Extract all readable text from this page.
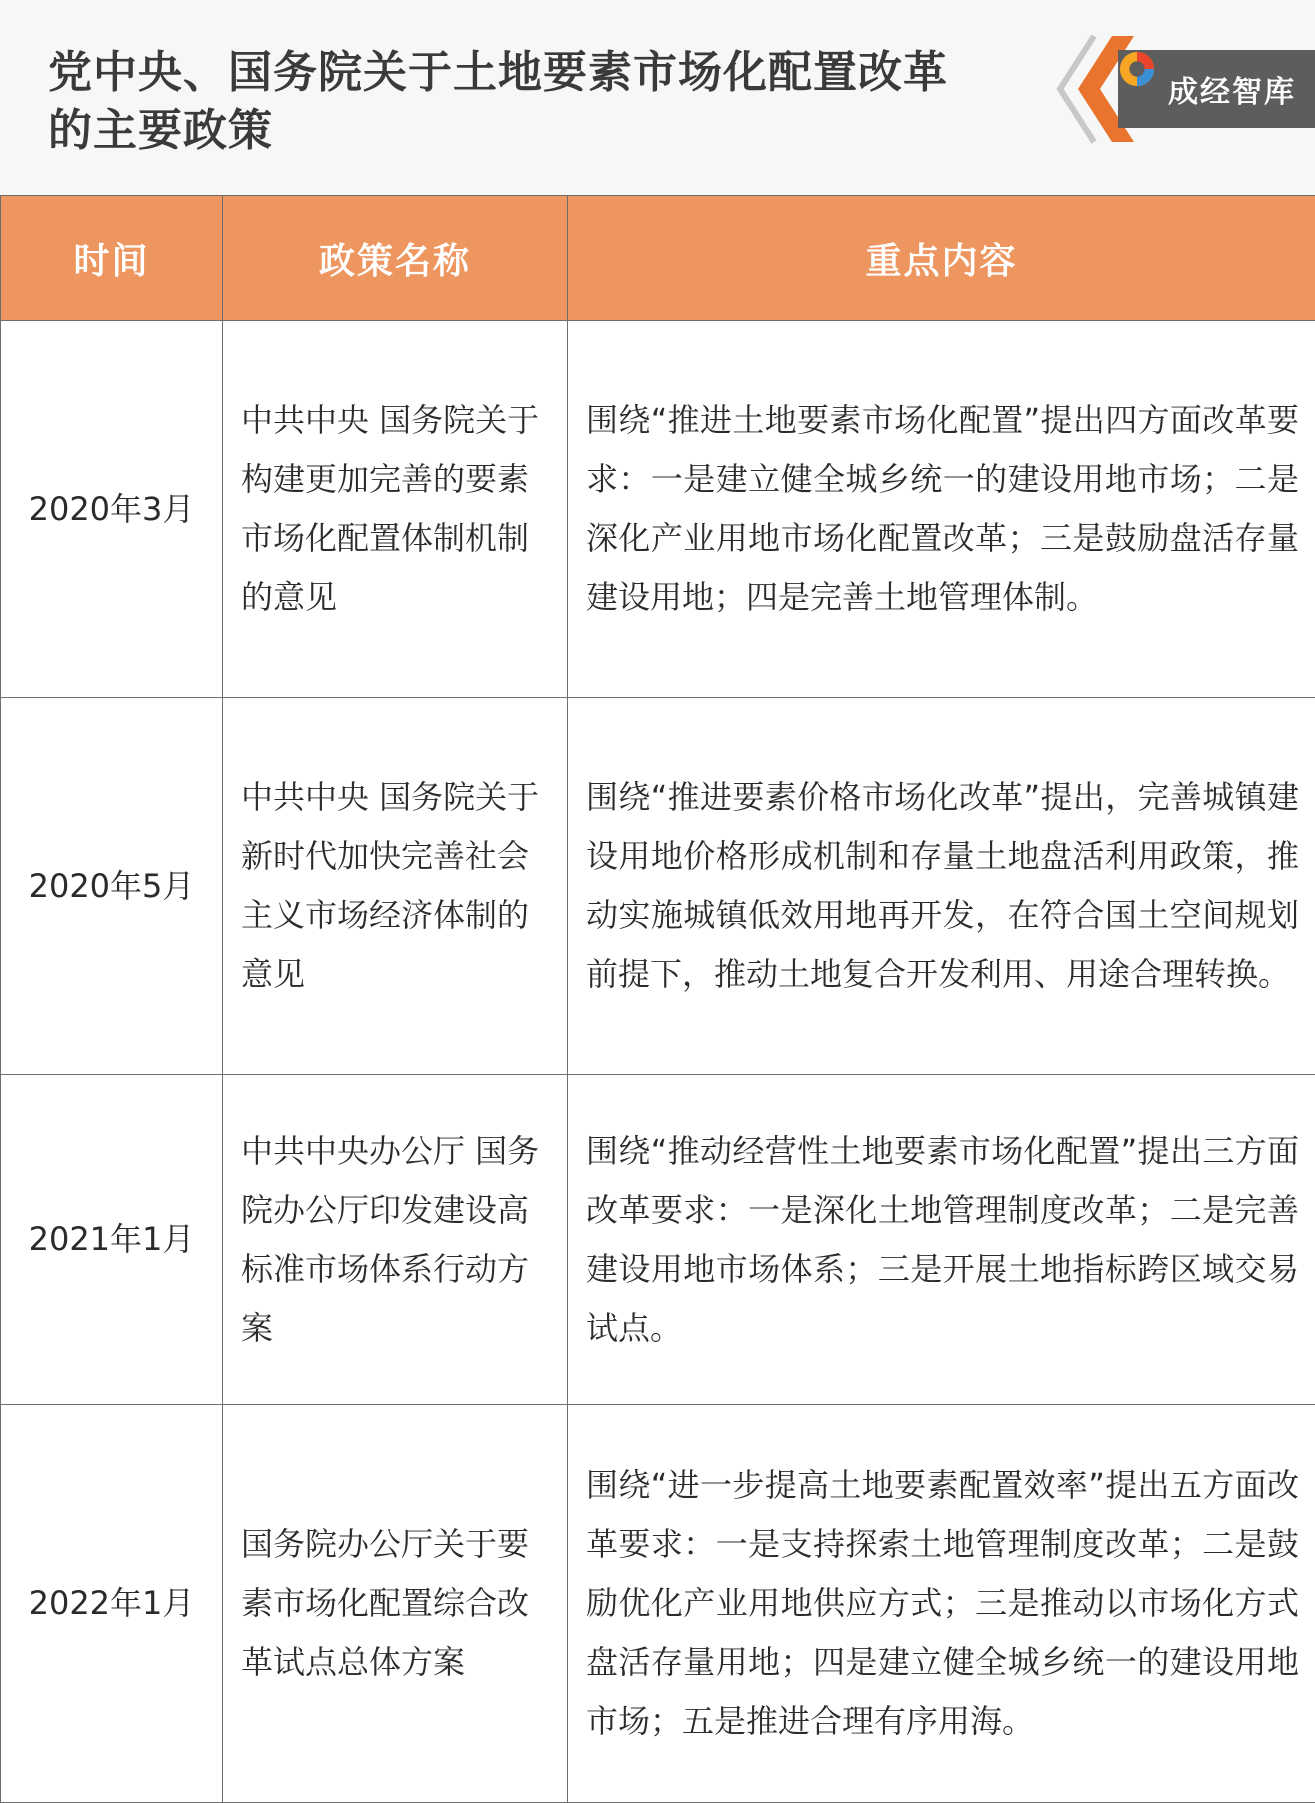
党中央、国务院关于土地要素市场化配置改革
的主要政策
成经智库
时间	政策名称	重点内容
2020年3月	中共中央 国务院关于构建更加完善的要素市场化配置体制机制的意见	围绕“推进土地要素市场化配置”提出四方面改革要求：一是建立健全城乡统一的建设用地市场；二是深化产业用地市场化配置改革；三是鼓励盘活存量建设用地；四是完善土地管理体制。
2020年5月	中共中央 国务院关于新时代加快完善社会主义市场经济体制的意见	围绕“推进要素价格市场化改革”提出，完善城镇建设用地价格形成机制和存量土地盘活利用政策，推动实施城镇低效用地再开发，在符合国土空间规划前提下，推动土地复合开发利用、用途合理转换。
2021年1月	中共中央办公厅 国务院办公厅印发建设高标准市场体系行动方案	围绕“推动经营性土地要素市场化配置”提出三方面改革要求：一是深化土地管理制度改革；二是完善建设用地市场体系；三是开展土地指标跨区域交易试点。
2022年1月	国务院办公厅关于要素市场化配置综合改革试点总体方案	围绕“进一步提高土地要素配置效率”提出五方面改革要求：一是支持探索土地管理制度改革；二是鼓励优化产业用地供应方式；三是推动以市场化方式盘活存量用地；四是建立健全城乡统一的建设用地市场；五是推进合理有序用海。
